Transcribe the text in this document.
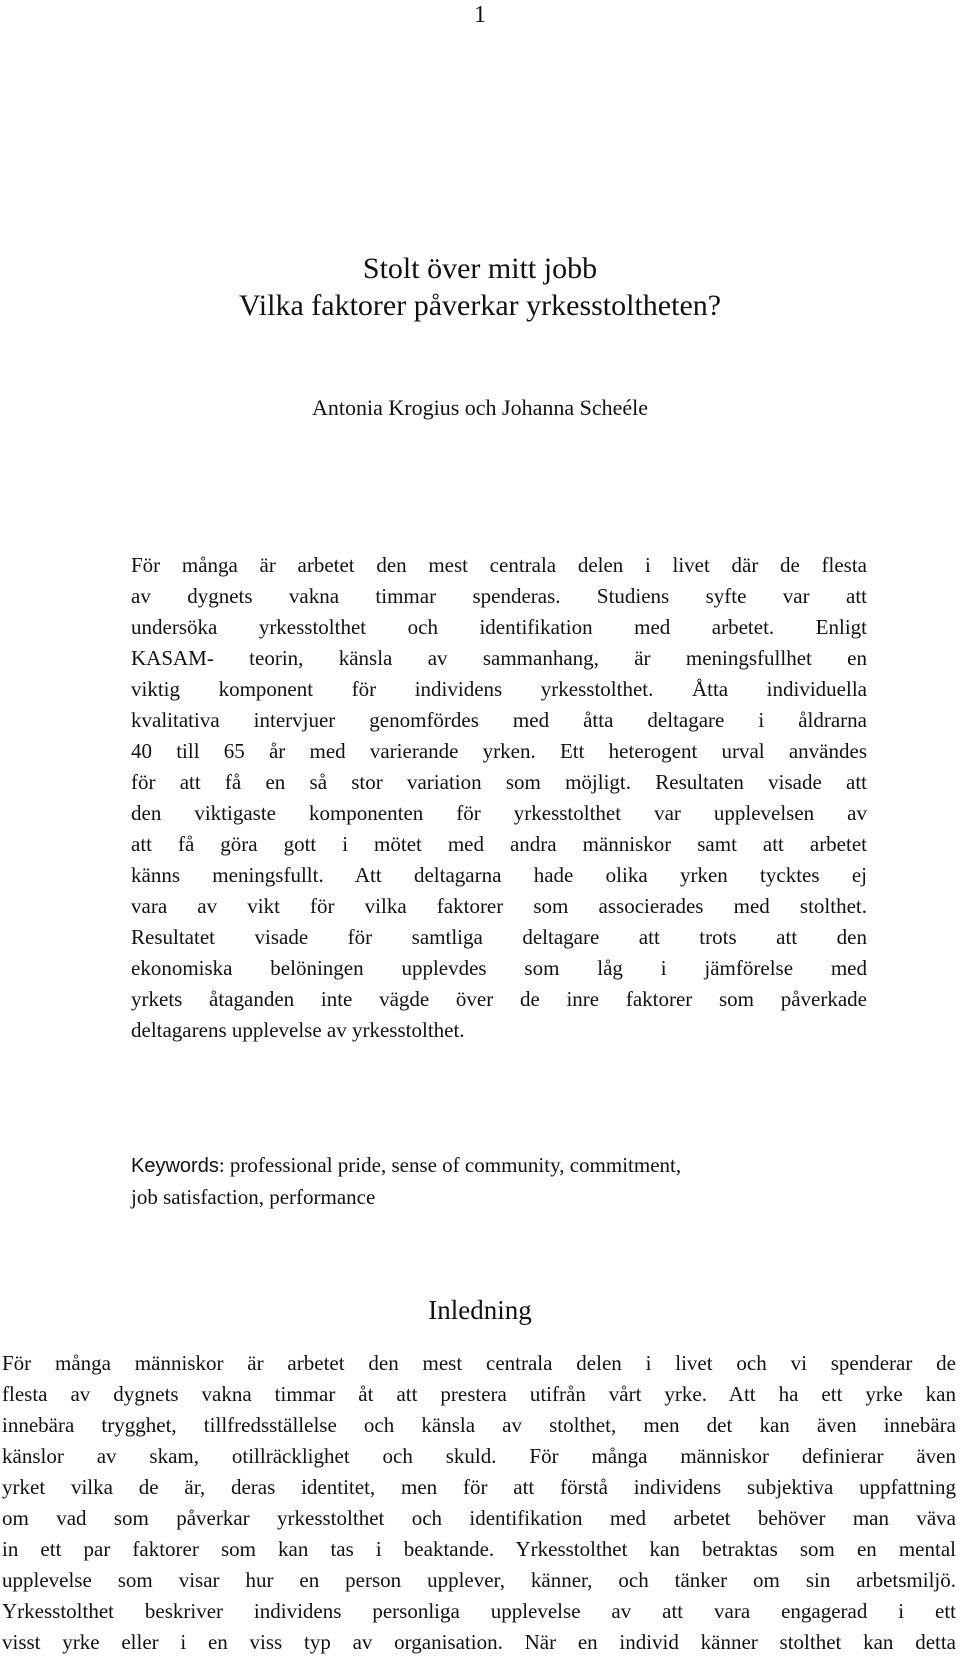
1
Stolt över mitt jobb
Vilka faktorer påverkar yrkesstoltheten?
Antonia Krogius och Johanna Scheéle
För många är arbetet den mest centrala delen i livet där de flesta
av dygnets vakna timmar spenderas. Studiens syfte var att
undersöka yrkesstolthet och identifikation med arbetet. Enligt
KASAM- teorin, känsla av sammanhang, är meningsfullhet en
viktig komponent för individens yrkesstolthet. Åtta individuella
kvalitativa intervjuer genomfördes med åtta deltagare i åldrarna
40 till 65 år med varierande yrken. Ett heterogent urval användes
för att få en så stor variation som möjligt. Resultaten visade att
den viktigaste komponenten för yrkesstolthet var upplevelsen av
att få göra gott i mötet med andra människor samt att arbetet
känns meningsfullt. Att deltagarna hade olika yrken tycktes ej
vara av vikt för vilka faktorer som associerades med stolthet.
Resultatet visade för samtliga deltagare att trots att den
ekonomiska belöningen upplevdes som låg i jämförelse med
yrkets åtaganden inte vägde över de inre faktorer som påverkade
deltagarens upplevelse av yrkesstolthet.
Keywords: professional pride, sense of community, commitment,
job satisfaction, performance
Inledning
För många människor är arbetet den mest centrala delen i livet och vi spenderar de
flesta av dygnets vakna timmar åt att prestera utifrån vårt yrke. Att ha ett yrke kan
innebära trygghet, tillfredsställelse och känsla av stolthet, men det kan även innebära
känslor av skam, otillräcklighet och skuld. För många människor definierar även
yrket vilka de är, deras identitet, men för att förstå individens subjektiva uppfattning
om vad som påverkar yrkesstolthet och identifikation med arbetet behöver man väva
in ett par faktorer som kan tas i beaktande. Yrkesstolthet kan betraktas som en mental
upplevelse som visar hur en person upplever, känner, och tänker om sin arbetsmiljö.
Yrkesstolthet beskriver individens personliga upplevelse av att vara engagerad i ett
visst yrke eller i en viss typ av organisation. När en individ känner stolthet kan detta
